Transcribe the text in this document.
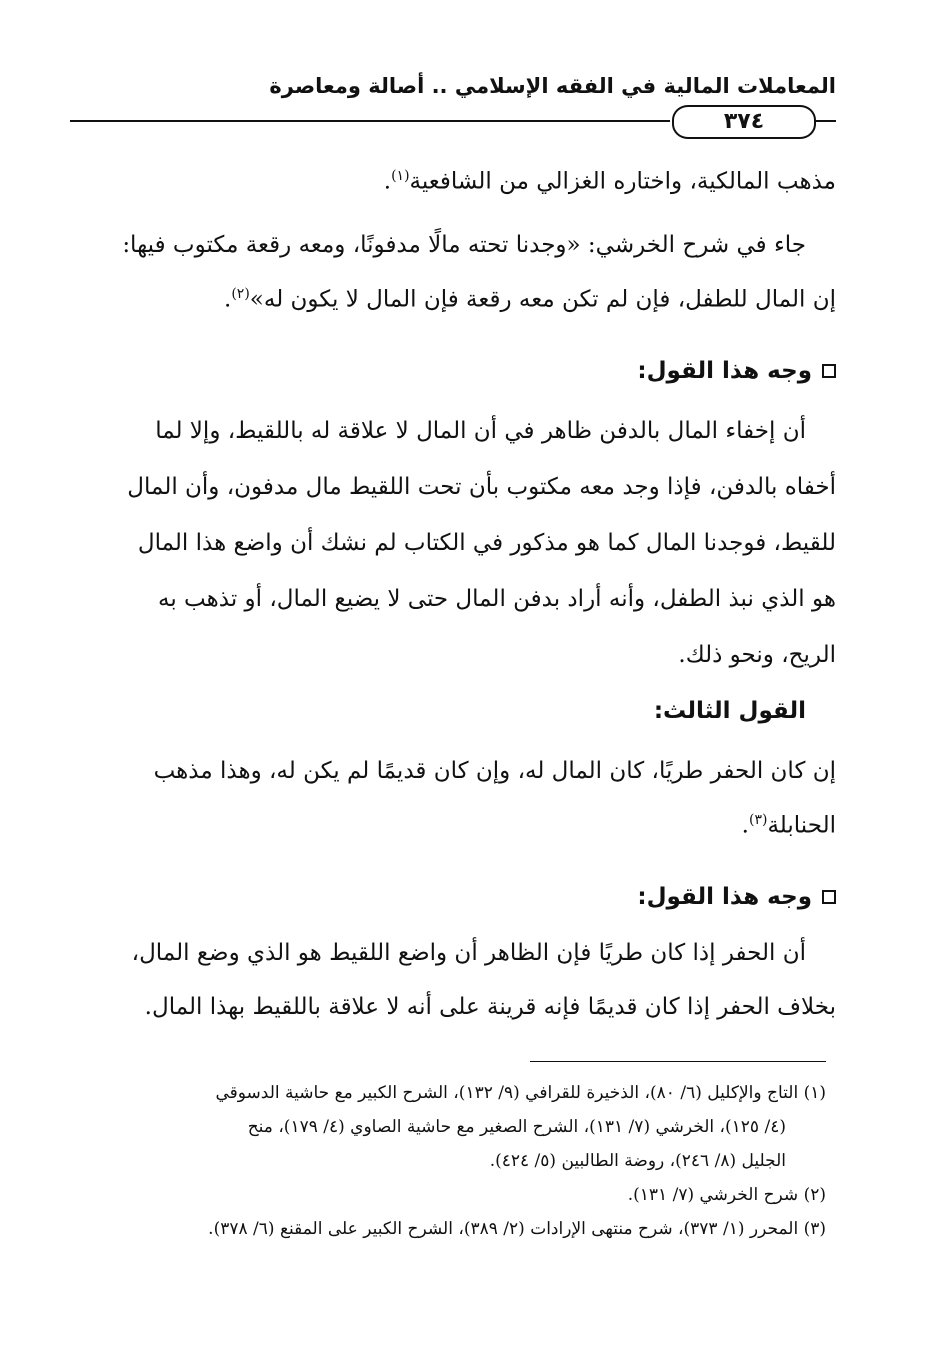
المعاملات المالية في الفقه الإسلامي .. أصالة ومعاصرة
٣٧٤
مذهب المالكية، واختاره الغزالي من الشافعية$^{(١)}$.
جاء في شرح الخرشي: «وجدنا تحته مالًا مدفونًا، ومعه رقعة مكتوب فيها:
إن المال للطفل، فإن لم تكن معه رقعة فإن المال لا يكون له»$^{(٢)}$.
وجه هذا القول:
أن إخفاء المال بالدفن ظاهر في أن المال لا علاقة له باللقيط، وإلا لما
أخفاه بالدفن، فإذا وجد معه مكتوب بأن تحت اللقيط مال مدفون، وأن المال
للقيط، فوجدنا المال كما هو مذكور في الكتاب لم نشك أن واضع هذا المال
هو الذي نبذ الطفل، وأنه أراد بدفن المال حتى لا يضيع المال، أو تذهب به
الريح، ونحو ذلك.
القول الثالث:
إن كان الحفر طريًا، كان المال له، وإن كان قديمًا لم يكن له، وهذا مذهب
الحنابلة$^{(٣)}$.
وجه هذا القول:
أن الحفر إذا كان طريًا فإن الظاهر أن واضع اللقيط هو الذي وضع المال،
بخلاف الحفر إذا كان قديمًا فإنه قرينة على أنه لا علاقة باللقيط بهذا المال.
(١) التاج والإكليل (٦/ ٨٠)، الذخيرة للقرافي (٩/ ١٣٢)، الشرح الكبير مع حاشية الدسوقي
(٤/ ١٢٥)، الخرشي (٧/ ١٣١)، الشرح الصغير مع حاشية الصاوي (٤/ ١٧٩)، منح
الجليل (٨/ ٢٤٦)، روضة الطالبين (٥/ ٤٢٤).
(٢) شرح الخرشي (٧/ ١٣١).
(٣) المحرر (١/ ٣٧٣)، شرح منتهى الإرادات (٢/ ٣٨٩)، الشرح الكبير على المقنع (٦/ ٣٧٨).
